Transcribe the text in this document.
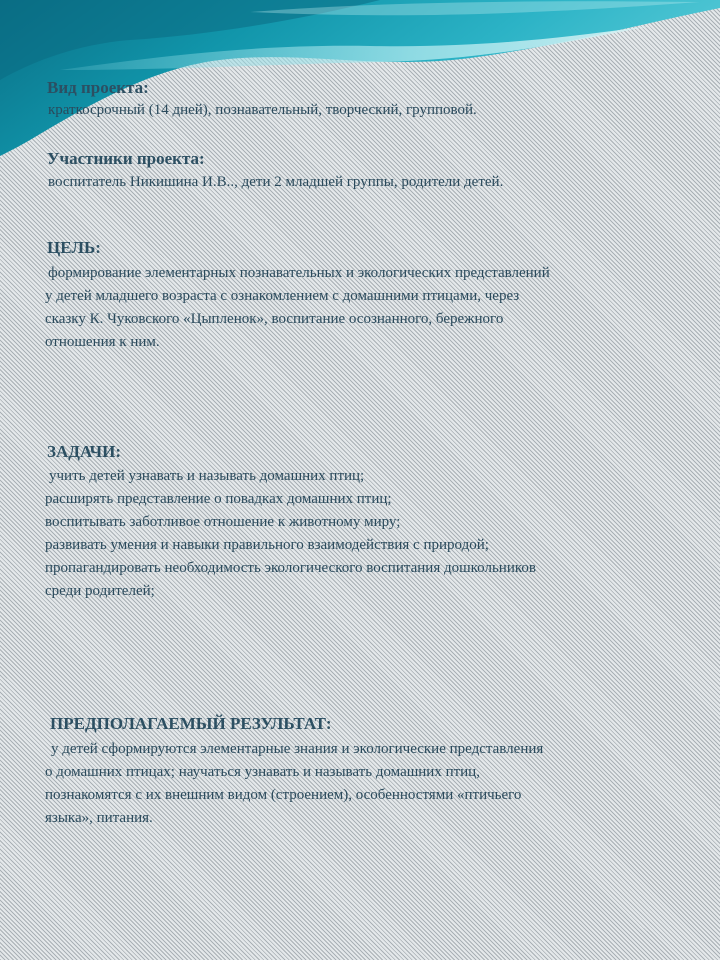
Вид проекта:
краткосрочный (14 дней), познавательный, творческий, групповой.
Участники проекта:
воспитатель Никишина И.В.., дети 2 младшей группы, родители детей.
ЦЕЛЬ:
формирование элементарных познавательных и экологических представлений
у детей младшего возраста с ознакомлением с домашними птицами, через
сказку К. Чуковского «Цыпленок», воспитание осознанного, бережного
отношения к ним.
ЗАДАЧИ:
учить детей узнавать и называть домашних птиц;
расширять представление о повадках домашних птиц;
воспитывать заботливое отношение к животному миру;
развивать умения и навыки правильного взаимодействия с природой;
пропагандировать необходимость экологического воспитания дошкольников
среди родителей;
ПРЕДПОЛАГАЕМЫЙ РЕЗУЛЬТАТ:
у детей сформируются элементарные знания и экологические представления
о домашних птицах; научаться узнавать и называть домашних птиц,
познакомятся с их внешним видом (строением), особенностями «птичьего
языка», питания.
